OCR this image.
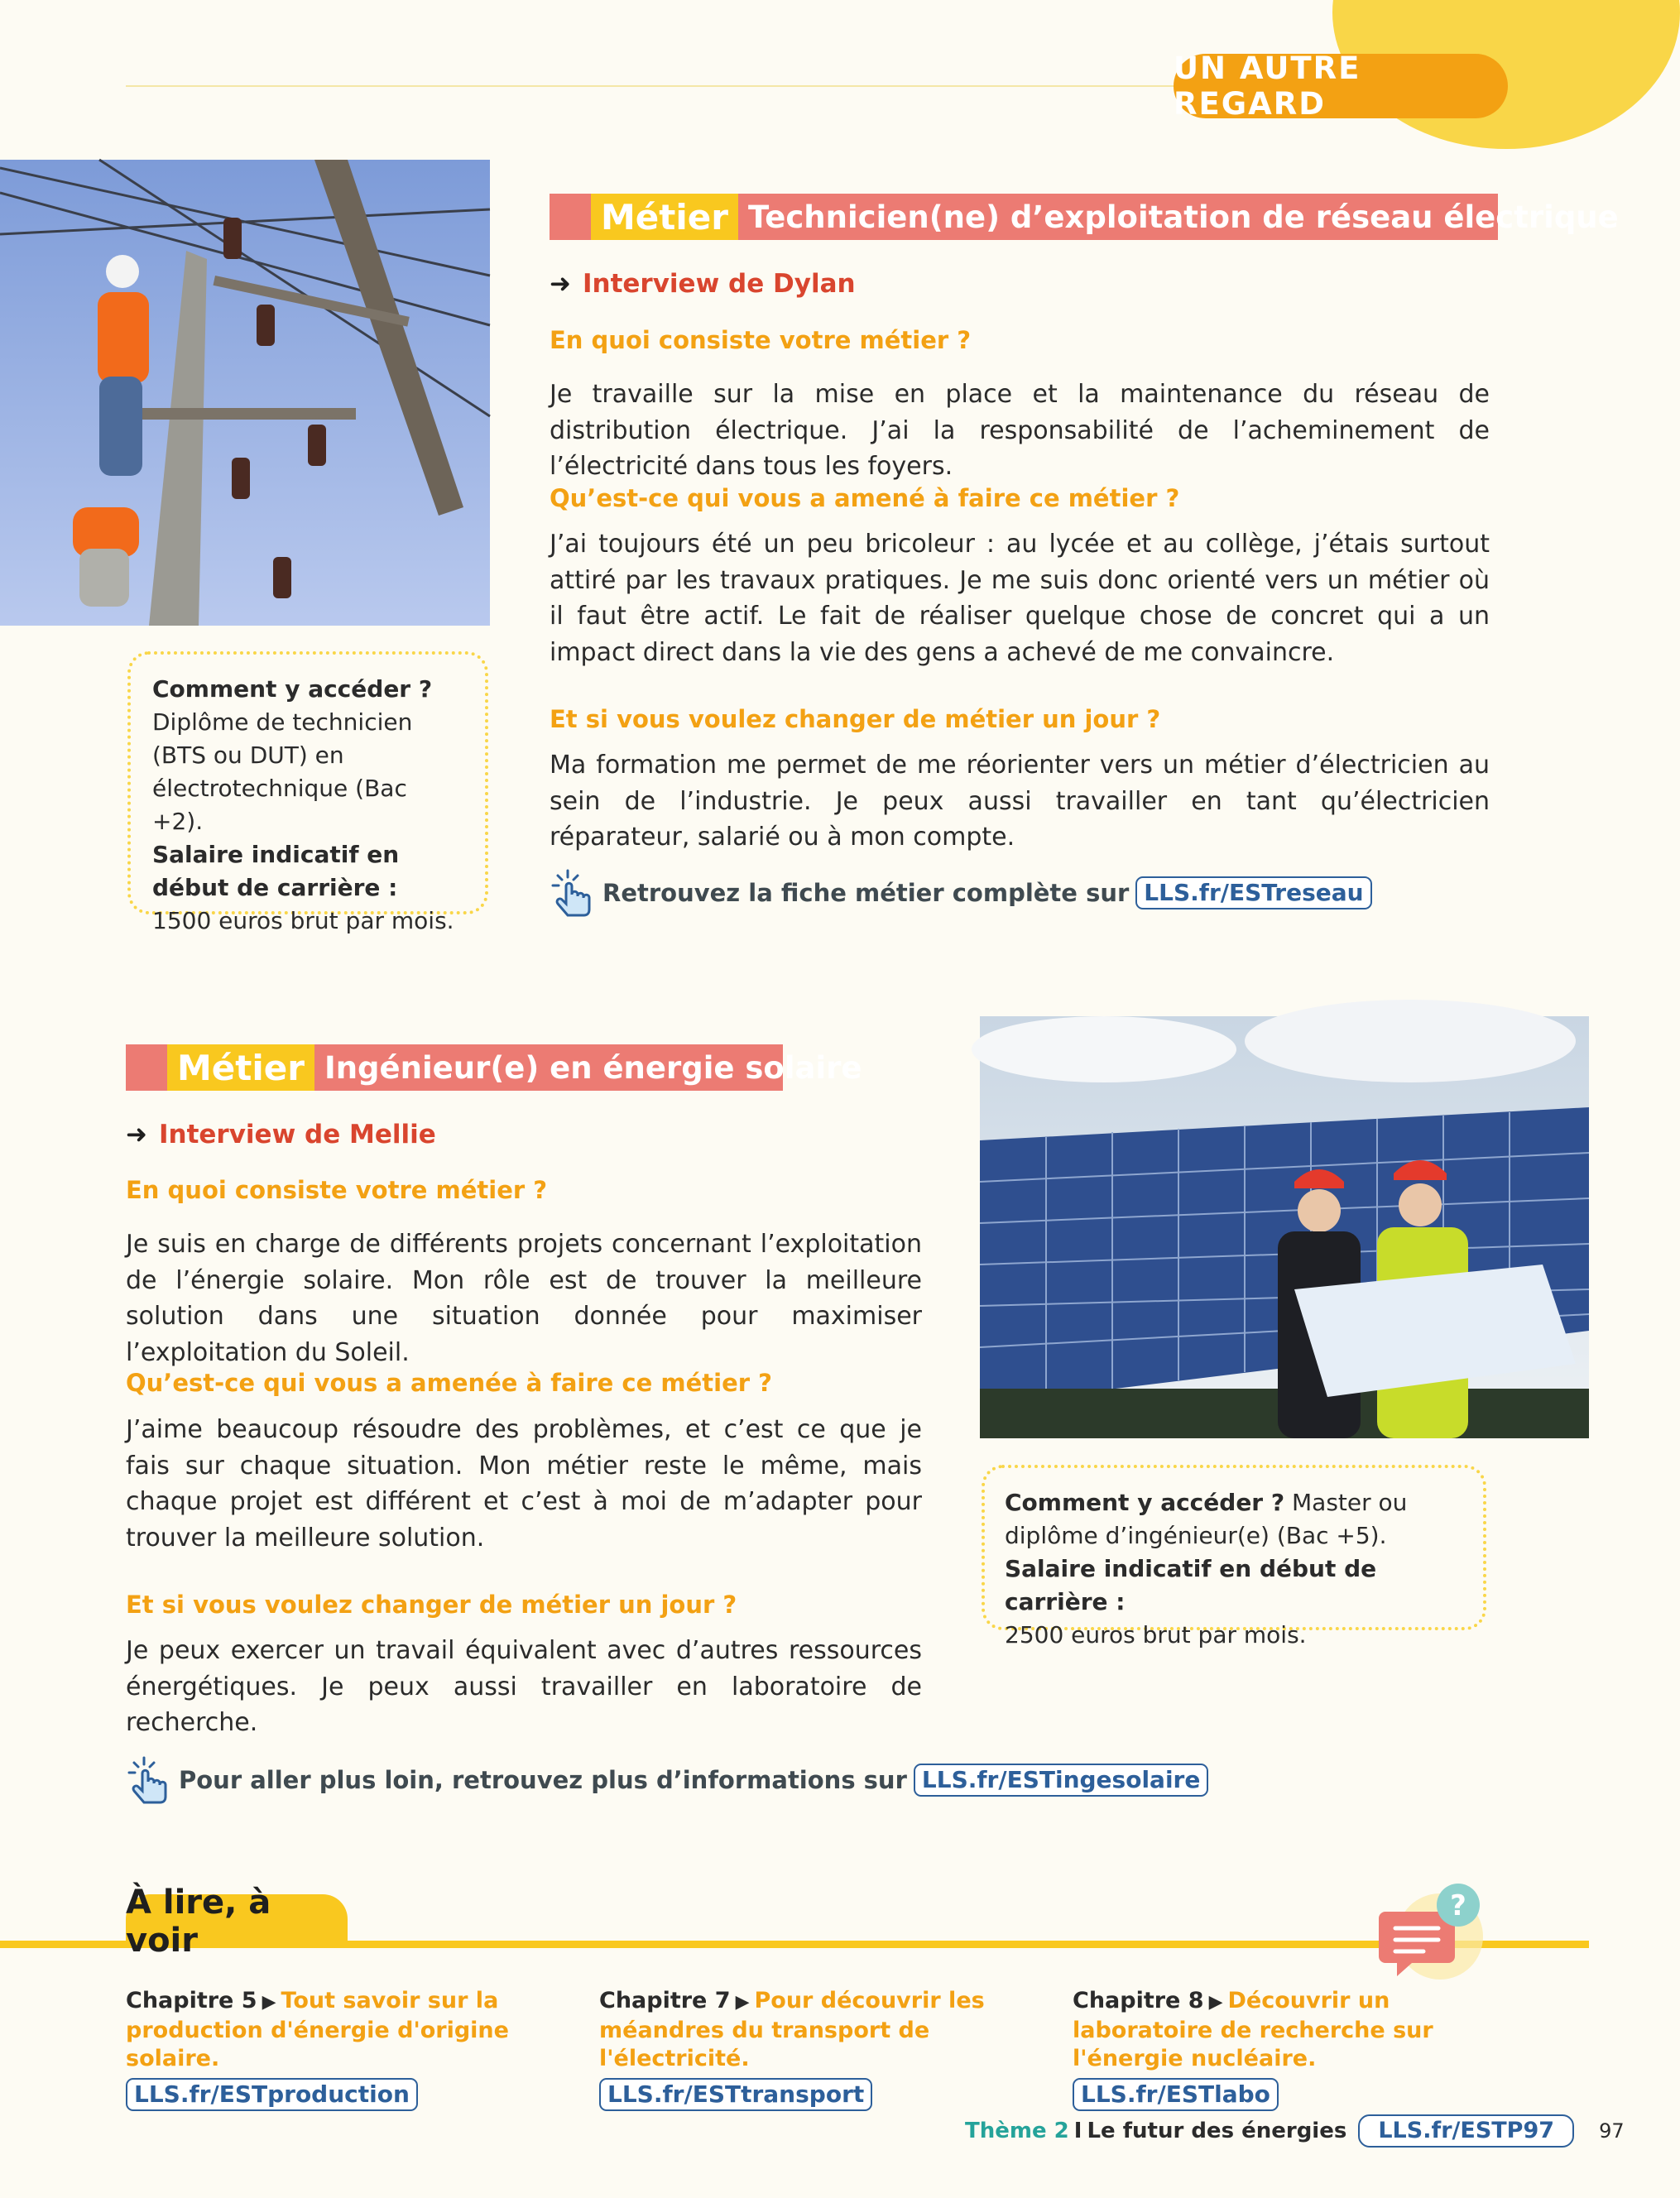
UN AUTRE REGARD
Comment y accéder ?
Diplôme de technicien (BTS ou DUT) en électrotechnique (Bac +2).
Salaire indicatif en début de carrière : 1500 euros brut par mois.
Métier Technicien(ne) d’exploitation de réseau électrique
➜ Interview de Dylan
En quoi consiste votre métier ?
Je travaille sur la mise en place et la maintenance du réseau de distribution électrique. J’ai la responsabilité de l’acheminement de l’électricité dans tous les foyers.
Qu’est-ce qui vous a amené à faire ce métier ?
J’ai toujours été un peu bricoleur : au lycée et au collège, j’étais surtout attiré par les travaux pratiques. Je me suis donc orienté vers un métier où il faut être actif. Le fait de réaliser quelque chose de concret qui a un impact direct dans la vie des gens a achevé de me convaincre.
Et si vous voulez changer de métier un jour ?
Ma formation me permet de me réorienter vers un métier d’électricien au sein de l’industrie. Je peux aussi travailler en tant qu’électricien réparateur, salarié ou à mon compte.
Retrouvez la fiche métier complète sur LLS.fr/ESTreseau
Métier Ingénieur(e) en énergie solaire
➜ Interview de Mellie
En quoi consiste votre métier ?
Je suis en charge de différents projets concernant l’exploitation de l’énergie solaire. Mon rôle est de trouver la meilleure solution dans une situation donnée pour maximiser l’exploitation du Soleil.
Qu’est-ce qui vous a amenée à faire ce métier ?
J’aime beaucoup résoudre des problèmes, et c’est ce que je fais sur chaque situation. Mon métier reste le même, mais chaque projet est différent et c’est à moi de m’adapter pour trouver la meilleure solution.
Et si vous voulez changer de métier un jour ?
Je peux exercer un travail équivalent avec d’autres ressources énergétiques. Je peux aussi travailler en laboratoire de recherche.
Pour aller plus loin, retrouvez plus d’informations sur LLS.fr/ESTingesolaire
Comment y accéder ? Master ou diplôme d’ingénieur(e) (Bac +5).
Salaire indicatif en début de carrière :
2500 euros brut par mois.
À lire, à voir
?
Chapitre 5 ▶ Tout savoir sur la production d'énergie d'origine solaire.
LLS.fr/ESTproduction
Chapitre 7 ▶ Pour découvrir les méandres du transport de l'électricité.
LLS.fr/ESTtransport
Chapitre 8 ▶ Découvrir un laboratoire de recherche sur l'énergie nucléaire.
LLS.fr/ESTlabo
Thème 2 I Le futur des énergies	LLS.fr/ESTP97	97
